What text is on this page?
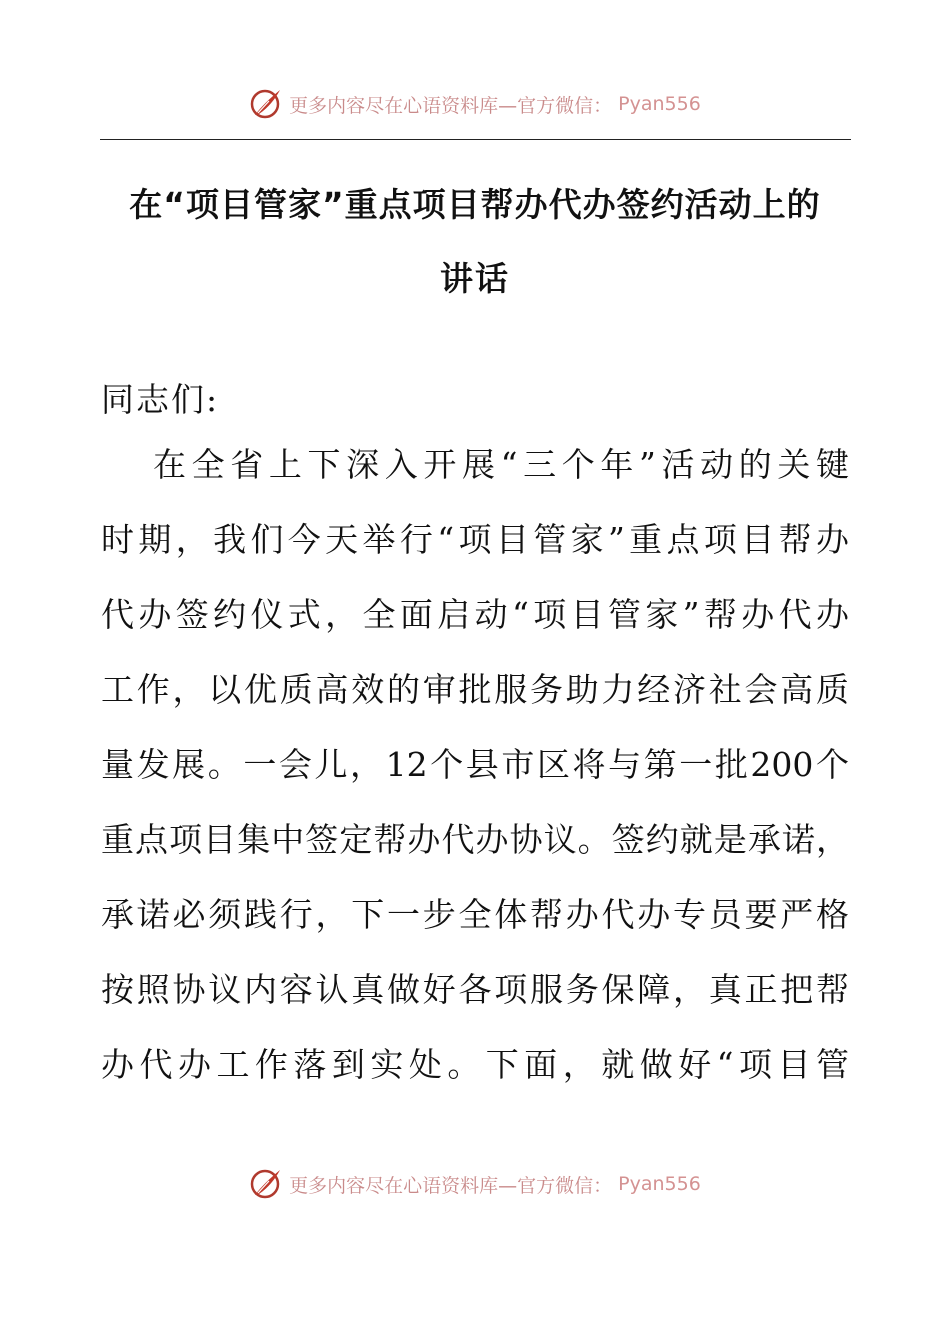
更多内容尽在心语资料库—官方微信： Pyan556
在“项目管家”重点项目帮办代办签约活动上的
讲话

同志们:

在全省上下深入开展“三个年”活动的关键
时期，我们今天举行“项目管家”重点项目帮办
代办签约仪式，全面启动“项目管家”帮办代办
工作，以优质高效的审批服务助力经济社会高质
量发展。一会儿，12个县市区将与第一批200个
重点项目集中签定帮办代办协议。签约就是承诺，
承诺必须践行，下一步全体帮办代办专员要严格
按照协议内容认真做好各项服务保障，真正把帮
办代办工作落到实处。下面，就做好“项目管
更多内容尽在心语资料库—官方微信： Pyan556
